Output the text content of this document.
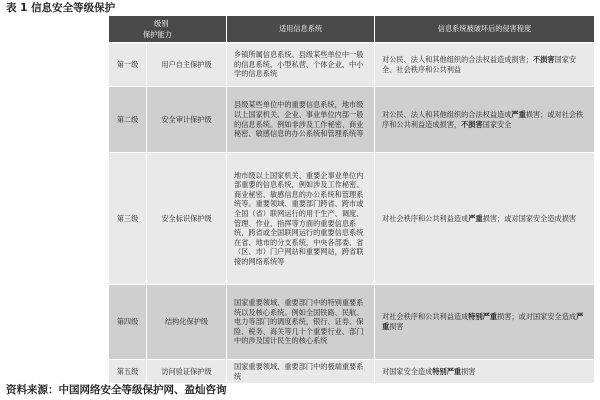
表 1 信息安全等级保护
级别
保护能力		适用信息系统	信息系统被破坏后的侵害程度
第一级	用户自主保护级	乡镇所属信息系统、县级某些单位中一般的信息系统、小型私营、个体企业、中小学的信息系统	对公民、法人和其他组织的合法权益造成损害；不损害国家安全、社会秩序和公共利益
第二级	安全审计保护级	县级某些单位中的重要信息系统，地市级以上国家机关、企业、事业单位内部一般的信息系统。例如非涉及工作秘密、商业秘密、敏感信息的办公系统和管理系统等	对公民、法人和其他组织的合法权益造成严重损害；或对社会秩序和公共利益造成损害，不损害国家安全
第三级	安全标识保护级	地市级以上国家机关、重要企事业单位内部重要的信息系统，例如涉及工作秘密、商业秘密、敏感信息的办公系统和管理系统等。重要领域、重要部门跨省、跨市或全国（省）联网运行的用于生产、调度、管理、作业、指挥等方面的重要信息系统，跨省或全国联网运行的重要信息系统在省、地市的分支系统，中央各部委、省（区、市）门户网站和重要网站，跨省联接的网络系统等	对社会秩序和公共利益造成严重损害；或对国家安全造成损害
第四级	结构化保护级	国家重要领域、重要部门中的特别重要系统以及核心系统。例如全国铁路、民航、电力等部门的调度系统，银行、证券、保险、税务、海关等几十个重要行业、部门中的涉及国计民生的核心系统	对社会秩序和公共利益造成特别严重损害；或对国家安全造成严重损害
第五级	访问验证保护级	国家重要领域、重要部门中的极端重要系统	对国家安全造成特别严重损害
资料来源：中国网络安全等级保护网、盈灿咨询
